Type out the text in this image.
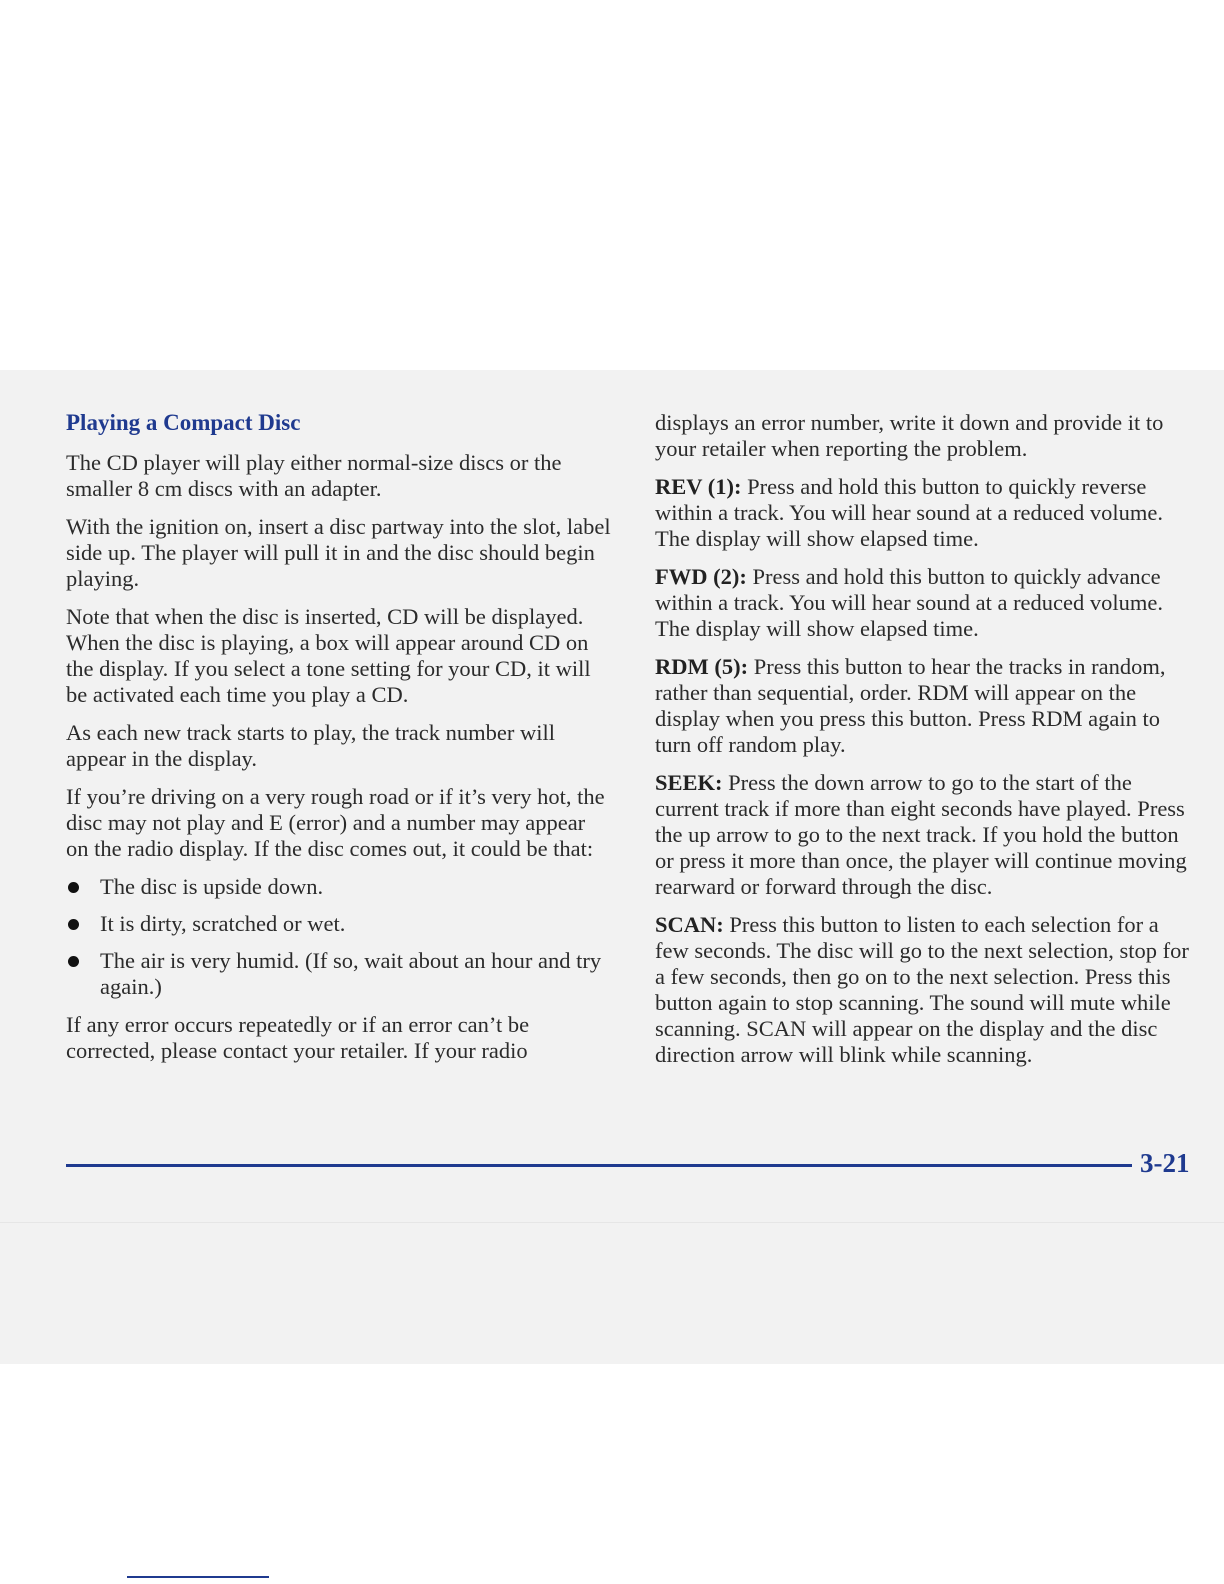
Playing a Compact Disc

The CD player will play either normal-size discs or the smaller 8 cm discs with an adapter.

With the ignition on, insert a disc partway into the slot, label side up. The player will pull it in and the disc should begin playing.

Note that when the disc is inserted, CD will be displayed. When the disc is playing, a box will appear around CD on the display. If you select a tone setting for your CD, it will be activated each time you play a CD.

As each new track starts to play, the track number will appear in the display.

If you’re driving on a very rough road or if it’s very hot, the disc may not play and E (error) and a number may appear on the radio display. If the disc comes out, it could be that:

The disc is upside down.
It is dirty, scratched or wet.
The air is very humid. (If so, wait about an hour and try again.)

If any error occurs repeatedly or if an error can’t be corrected, please contact your retailer. If your radio

displays an error number, write it down and provide it to your retailer when reporting the problem.

REV (1): Press and hold this button to quickly reverse within a track. You will hear sound at a reduced volume. The display will show elapsed time.

FWD (2): Press and hold this button to quickly advance within a track. You will hear sound at a reduced volume. The display will show elapsed time.

RDM (5): Press this button to hear the tracks in random, rather than sequential, order. RDM will appear on the display when you press this button. Press RDM again to turn off random play.

SEEK: Press the down arrow to go to the start of the current track if more than eight seconds have played. Press the up arrow to go to the next track. If you hold the button or press it more than once, the player will continue moving rearward or forward through the disc.

SCAN: Press this button to listen to each selection for a few seconds. The disc will go to the next selection, stop for a few seconds, then go on to the next selection. Press this button again to stop scanning. The sound will mute while scanning. SCAN will appear on the display and the disc direction arrow will blink while scanning.

3-21
